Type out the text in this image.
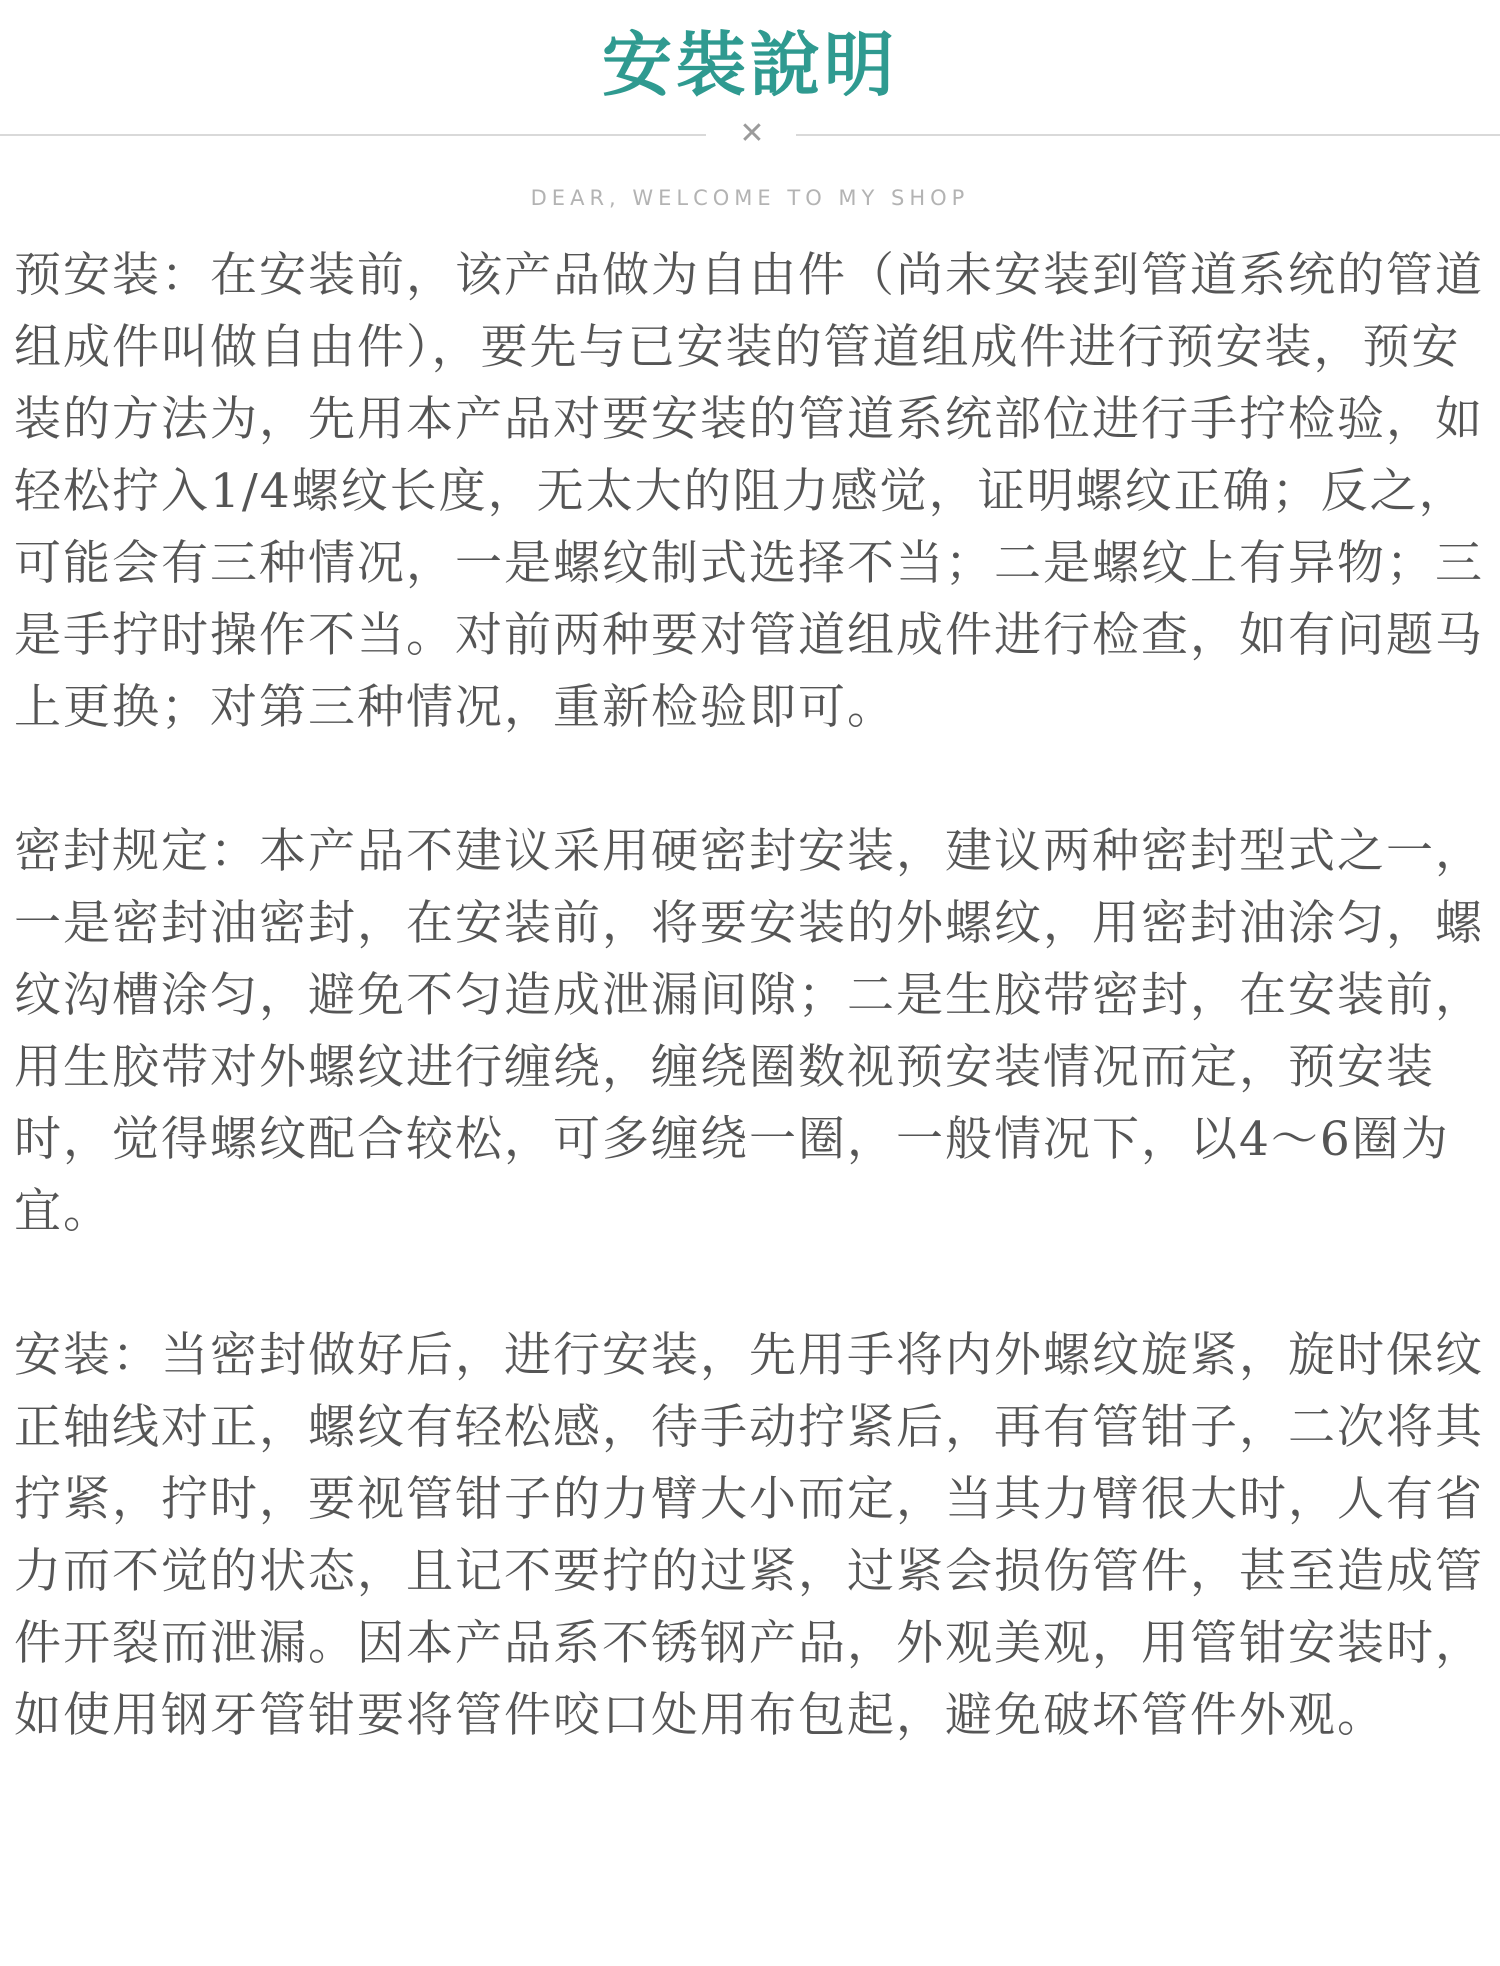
安裝說明
✕
DEAR, WELCOME TO MY SHOP

预安装：在安装前，该产品做为自由件（尚未安装到管道系统的管道组成件叫做自由件），要先与已安装的管道组成件进行预安装，预安装的方法为，先用本产品对要安装的管道系统部位进行手拧检验，如轻松拧入1/4螺纹长度，无太大的阻力感觉，证明螺纹正确；反之，可能会有三种情况，一是螺纹制式选择不当；二是螺纹上有异物；三是手拧时操作不当。对前两种要对管道组成件进行检查，如有问题马上更换；对第三种情况，重新检验即可。

密封规定：本产品不建议采用硬密封安装，建议两种密封型式之一，一是密封油密封，在安装前，将要安装的外螺纹，用密封油涂匀，螺纹沟槽涂匀，避免不匀造成泄漏间隙；二是生胶带密封，在安装前，用生胶带对外螺纹进行缠绕，缠绕圈数视预安装情况而定，预安装时，觉得螺纹配合较松，可多缠绕一圈，一般情况下，以4～6圈为宜。

安装：当密封做好后，进行安装，先用手将内外螺纹旋紧，旋时保纹正轴线对正，螺纹有轻松感，待手动拧紧后，再有管钳子，二次将其拧紧，拧时，要视管钳子的力臂大小而定，当其力臂很大时，人有省力而不觉的状态，且记不要拧的过紧，过紧会损伤管件，甚至造成管件开裂而泄漏。因本产品系不锈钢产品，外观美观，用管钳安装时，如使用钢牙管钳要将管件咬口处用布包起，避免破坏管件外观。
